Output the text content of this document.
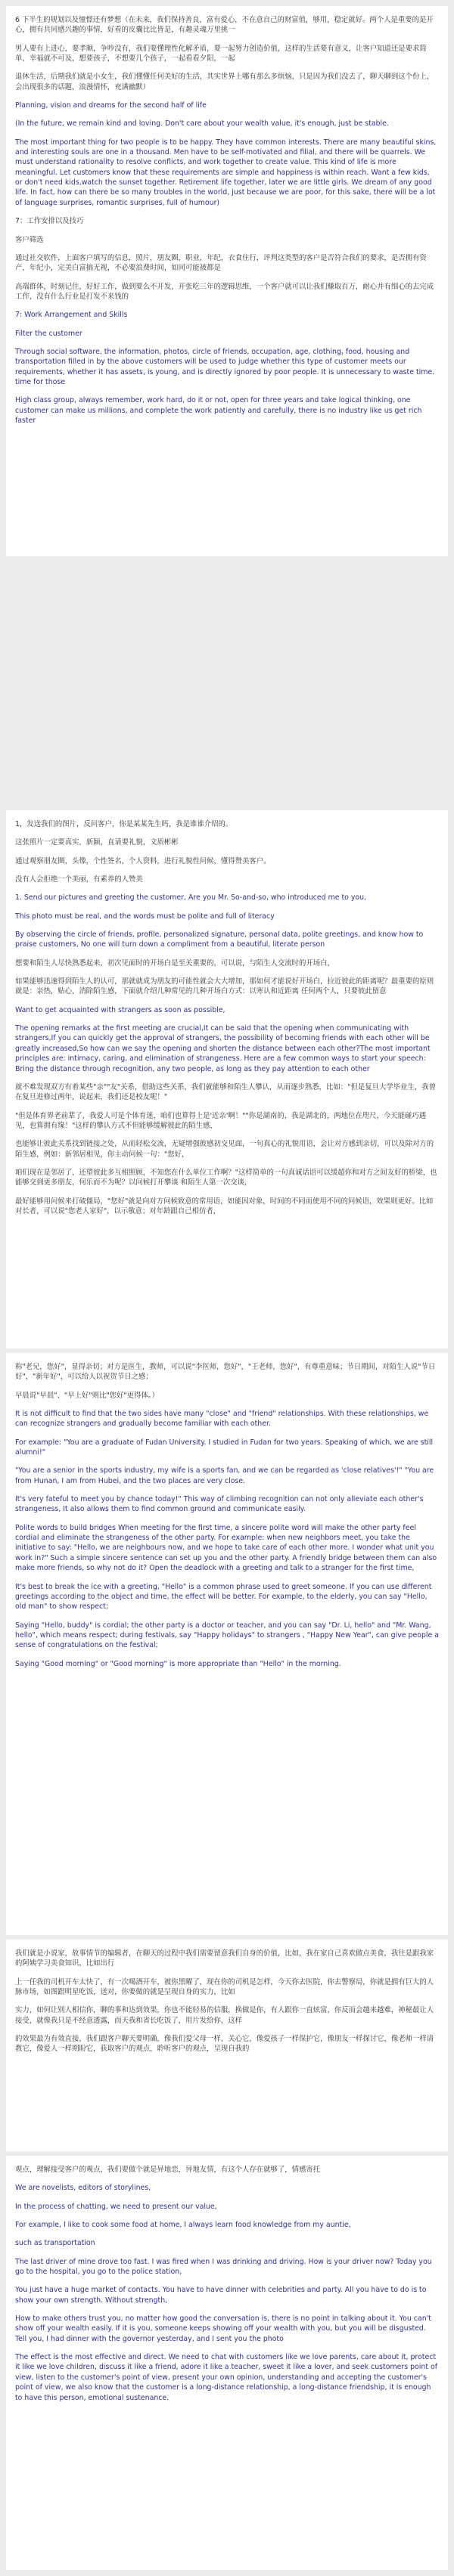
6 下半生的规划以及憧憬还有梦想（在未来，我们保持善良，富有爱心，不在意自己的财富值，够用，稳定就好。两个人是重要的是开心，拥有共同感兴趣的事情，好看的皮囊比比皆是，有趣灵魂万里挑一

男人要有上进心，要孝顺，争吵没有，我们要懂理性化解矛盾，要一起努力创造价值，这样的生活要有意义，让客户知道还是要求简单，幸福就不可及，想要孩子，不想要几个孩子，一起看看夕阳，一起

退休生活，后期我们就是小女生，我们懂懂任何美好的生活，其实世界上哪有那么多烦恼，只是因为我们没去了，聊天聊到这个份上，会出现很多的话题，浪漫情怀，充满幽默）

Planning, vision and dreams for the second half of life

(In the future, we remain kind and loving. Don't care about your wealth value, it's enough, just be stable.

The most important thing for two people is to be happy. They have common interests. There are many beautiful skins, and interesting souls are one in a thousand. Men have to be self-motivated and filial, and there will be quarrels. We must understand rationality to resolve conflicts, and work together to create value. This kind of life is more meaningful. Let customers know that these requirements are simple and happiness is within reach. Want a few kids, or don't need kids,watch the sunset together. Retirement life together, later we are little girls. We dream of any good life. In fact, how can there be so many troubles in the world, just because we are poor, for this sake, there will be a lot of language surprises, romantic surprises, full of humour)

7：工作安排以及技巧

客户筛选

通过社交软件，上面客户填写的信息，照片，朋友圈，职业，年纪，衣食住行，评判这类型的客户是否符合我们的要求，是否拥有资产，年纪小，完美白富搞无视，不必要浪费时间，如同可能被都是

高端群体，时刻记住，好好工作，做到要么不开发，开张吃三年的逻辑思维，一个客户就可以让我们赚取百万，耐心并有细心的去完成工作，没有什么行业是打发不来钱的

7: Work Arrangement and Skills

Filter the customer

Through social software, the information, photos, circle of friends, occupation, age, clothing, food, housing and transportation filled in by the above customers will be used to judge whether this type of customer meets our requirements, whether it has assets, is young, and is directly ignored by poor people. It is unnecessary to waste time. time for those

High class group, always remember, work hard, do it or not, open for three years and take logical thinking, one customer can make us millions, and complete the work patiently and carefully, there is no industry like us get rich faster

1，发送我们的图片，反问客户，你是某某先生吗，我是谁谁介绍的。

这张照片一定要真实，新颖，直请要礼貌，文质彬彬

通过观察朋友圈，头像，个性签名，个人资料，进行礼貌性问候，懂得赞美客户。

没有人会拒绝一个美丽，有素养的人赞美

1. Send our pictures and greeting the customer, Are you Mr. So-and-so, who introduced me to you,

This photo must be real, and the words must be polite and full of literacy

By observing the circle of friends, profile, personalized signature, personal data, polite greetings, and know how to praise customers, No one will turn down a compliment from a beautiful, literate person

想要和陌生人尽快熟悉起来，初次见面时的开场白是至关重要的，可以说，与陌生人交流时的开场白，

如果能够迅速得到陌生人的认可，那就就成为朋友的可能性就会大大增加，那如何才能说好开场白，拉近彼此的距离呢？最重要的原则就是：亲热，贴心，消除陌生感，下面就介绍几种常见的几种开场白方式：以寒认和近距离 任何两个人，只要彼此留意

Want to get acquainted with strangers as soon as possible,

The opening remarks at the first meeting are crucial,It can be said that the opening when communicating with strangers,If you can quickly get the approval of strangers, the possibility of becoming friends with each other will be greatly increased,So how can we say the opening and shorten the distance between each other?The most important principles are: intimacy, caring, and elimination of strangeness. Here are a few common ways to start your speech: Bring the distance through recognition, any two people, as long as they pay attention to each other

就不难发现双方有着某些"亲""友"关系，借助这些关系，我们就能够和陌生人攀认，从而逐步熟悉，比如："但是复旦大学毕业生，我曾在复旦进修过两年，说起来，我们还是校友呢！"

"但是体育界老前辈了，我爱人可是个体育迷，咱们也算得上是'近亲'啊！""你是湖南的，我是湖北的，两地位在咫尺，今天能碰巧遇见，也算拥有缘！"这样的攀认方式不但能够缓解彼此的陌生感，

也能够让彼此关系找到链接之处，从而轻松交流，无疑增强彼感初交见面，一句真心的礼貌用语，会让对方感到亲切，可以及除对方的陌生感，例如：新邻居相见，你主动问候一句："您好，

咱们现在是邻居了，还望彼此多互相照顾，不知您在什么单位工作啊？"这样简单的一句真诚话语可以缓超你和对方之间友好的桥梁，也能够交到更多朋友，何乐而不为呢？以问候打开攀谈 和陌生人第一次交谈，

最好能够用问候来打破僵局，"您好"就是向对方问候致意的常用语，如能因对象，时间的不同而使用不同的问候语，效果则更好。比如对长者，可以说"您老人家好"，以示敬意；对年龄跟自己相仿者，

称"老兄，您好"，显得亲切；对方是医生，教师，可以说"李医师，您好"，"王老师，您好"，有尊重意味；节日期间，对陌生人说"节日好"，"新年好"，可以给人以祝贺节日之感；

早晨说"早晨"、"早上好"则比"您好"更得体。）

It is not difficult to find that the two sides have many "close" and "friend" relationships. With these relationships, we can recognize strangers and gradually become familiar with each other.

For example: "You are a graduate of Fudan University. I studied in Fudan for two years. Speaking of which, we are still alumni!"

"You are a senior in the sports industry, my wife is a sports fan, and we can be regarded as 'close relatives'!" "You are from Hunan, I am from Hubei, and the two places are very close.

It's very fateful to meet you by chance today!" This way of climbing recognition can not only alleviate each other's strangeness, It also allows them to find common ground and communicate easily.

Polite words to build bridges When meeting for the first time, a sincere polite word will make the other party feel cordial and eliminate the strangeness of the other party. For example: when new neighbors meet, you take the initiative to say: "Hello, we are neighbours now, and we hope to take care of each other more. I wonder what unit you work in?" Such a simple sincere sentence can set up you and the other party. A friendly bridge between them can also make more friends, so why not do it? Open the deadlock with a greeting and talk to a stranger for the first time,

It's best to break the ice with a greeting, "Hello" is a common phrase used to greet someone. If you can use different greetings according to the object and time, the effect will be better. For example, to the elderly, you can say "Hello, old man" to show respect;

Saying "Hello, buddy" is cordial; the other party is a doctor or teacher, and you can say "Dr. Li, hello" and "Mr. Wang, hello", which means respect; during festivals, say "Happy holidays" to strangers , "Happy New Year", can give people a sense of congratulations on the festival;

Saying "Good morning" or "Good morning" is more appropriate than "Hello" in the morning.

我们就是小说家，故事情节的编辑者，在聊天的过程中我们需要留意我们自身的价值，比如，我在家自己喜欢做点美食，我往是跟我家的阿姨学习美食知识，比如出行

上一任我的司机开车太快了，有一次喝酒开车，被你黑曜了，现在你的司机是怎样，今天你去医院，你去警察局，你就是拥有巨大的人脉市场，如图跟明星吃饭，送对，你要做的就是呈现自身的实力，比如

实力，如何让别人相信你，聊的事和达到效果，你也不能轻易的信服，换做是你，有人跟你一直炫富，你反而会越来越难，神秘最让人接受，就像我只是不经意透露，而天我和省长吃饭了，用片发给你，这样

的效果最为有效直接，我们跟客户聊天要明确，像我们爱父母一样，关心它，像爱孩子一样保护它，像朋友一样探讨它，像老师一样请教它，像爱人一样期盼它，获取客户的观点，聆听客户的观点，呈现自我的

观点，理解接受客户的观点，我们要做个就是异地恋，异地友情，有这个人存在就够了，情感寄托

We are novelists, editors of storylines,

In the process of chatting, we need to present our value,

For example, I like to cook some food at home, I always learn food knowledge from my auntie,

such as transportation

The last driver of mine drove too fast. I was fired when I was drinking and driving. How is your driver now? Today you go to the hospital, you go to the police station,

You just have a huge market of contacts. You have to have dinner with celebrities and party. All you have to do is to show your own strength. Without strength,

How to make others trust you, no matter how good the conversation is, there is no point in talking about it. You can't show off your wealth easily. If it is you, someone keeps showing off your wealth with you, but you will be disgusted. Tell you, I had dinner with the governor yesterday, and I sent you the photo

The effect is the most effective and direct. We need to chat with customers like we love parents, care about it, protect it like we love children, discuss it like a friend, adore it like a teacher, sweet it like a lover, and seek customers point of view, listen to the customer's point of view, present your own opinion, understanding and accepting the customer's point of view, we also know that the customer is a long-distance relationship, a long-distance friendship, it is enough to have this person, emotional sustenance.
